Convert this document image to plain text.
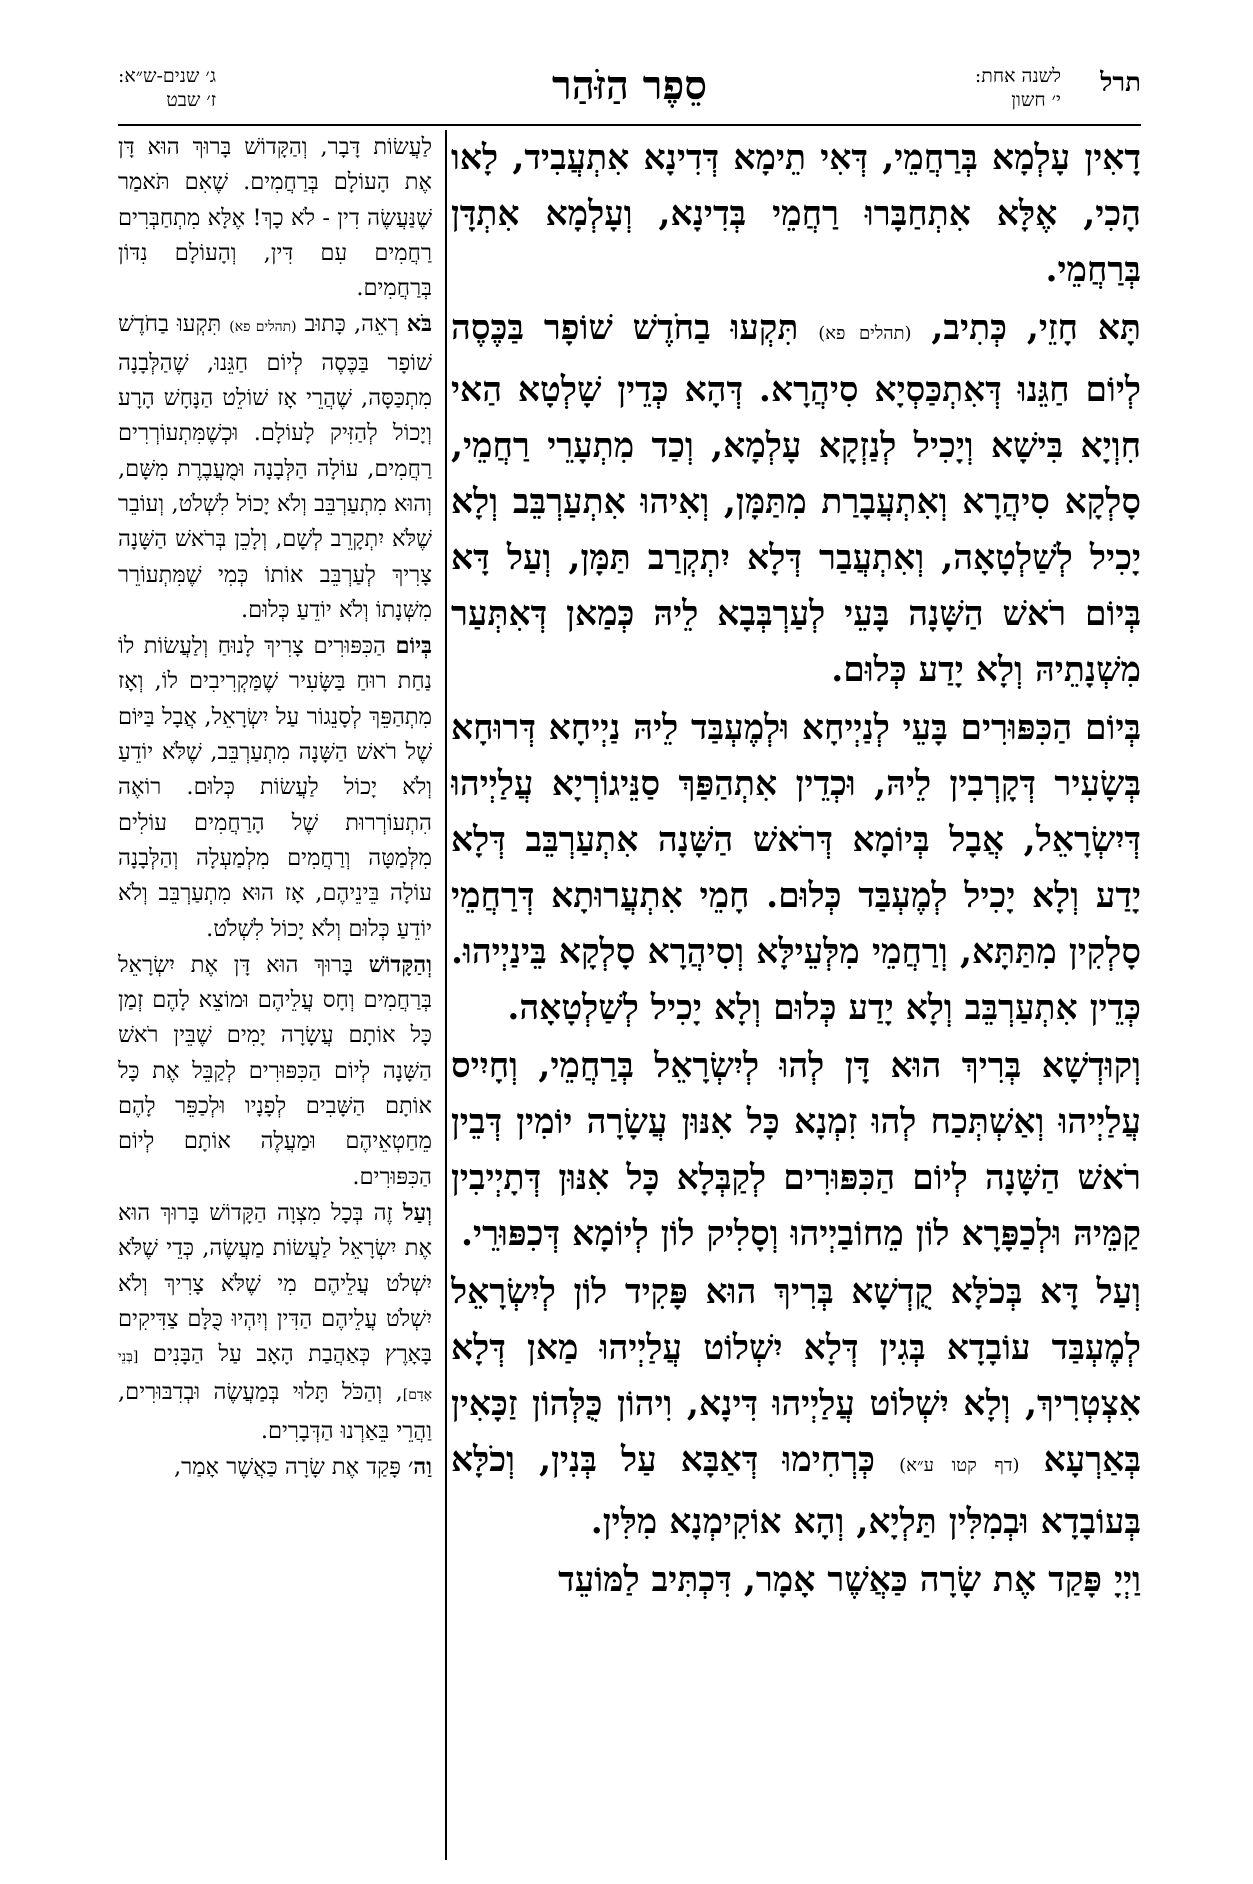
תרל
לשנה אחת:
י׳ חשון
סֵפֶר הַזֹּהַר
ג׳ שנים-ש״א:
ז׳ שבט

דָאִין עָלְמָא בְּרַחֲמֵי, דְּאִי תֵימָא דְּדִינָא אִתְעֲבִיד, לָאו הָכִי, אֶלָּא אִתְחַבָּרוּ רַחֲמֵי בְּדִינָא, וְעָלְמָא אִתְדָּן בְּרַחֲמֵי.

תָּא חָזֵי, כְּתִיב, (תהלים פא) תִּקְעוּ בַחֹדֶשׁ שׁוֹפָר בַּכֶּסֶה לְיוֹם חַגֵּנוּ דְּאִתְכַּסְיָא סִיהֲרָא. דְּהָא כְּדֵין שָׁלְטָא הַאי חִוְיָא בִּישָׁא וְיָכִיל לְנַזְקָא עָלְמָא, וְכַד מִתְעָרֵי רַחֲמֵי, סָלְקָא סִיהֲרָא וְאִתְעֲבָרַת מִתַּמָּן, וְאִיהוּ אִתְעַרְבֵּב וְלָא יָכִיל לְשַׁלְטָאָה, וְאִתְעֲבַר דְּלָא יִתְקְרַב תַּמָּן, וְעַל דָּא בְּיוֹם רֹאשׁ הַשָּׁנָה בָּעֵי לְעַרְבְּבָא לֵיהּ כְּמַאן דְּאִתְּעַר מִשְׁנָתֵיהּ וְלָא יָדַע כְּלוּם.

בְּיוֹם הַכִּפּוּרִים בָּעֵי לְנַיְיחָא וּלְמֶעְבַּד לֵיהּ נַיְיחָא דְּרוּחָא בְּשָׂעִיר דְּקָרְבִין לֵיהּ, וּכְדֵין אִתְהַפַּךְ סַנֵּיגוֹרְיָא עֲלַיְיהוּ דְּיִשְׂרָאֵל, אֲבָל בְּיוֹמָא דְּרֹאשׁ הַשָּׁנָה אִתְעַרְבֵּב דְּלָא יָדַע וְלָא יָכִיל לְמֶעְבַּד כְּלוּם. חָמֵי אִתְעֲרוּתָא דְּרַחֲמֵי סָלְקִין מִתַּתָּא, וְרַחֲמֵי מִלְּעֵילָּא וְסִיהֲרָא סָלְקָא בֵּינַיְיהוּ. כְּדֵין אִתְעַרְבֵּב וְלָא יָדַע כְּלוּם וְלָא יָכִיל לְשַׁלְטָאָה.

וְקוּדְשָׁא בְּרִיךְ הוּא דָּן לְהוּ לְיִשְׂרָאֵל בְּרַחֲמֵי, וְחָיִיס עֲלַיְיהוּ וְאַשְׁתְּכַח לְהוּ זִמְנָא כָּל אִנּוּן עֲשָׂרָה יוֹמִין דְּבֵין רֹאשׁ הַשָּׁנָה לְיוֹם הַכִּפּוּרִים לְקַבְּלָא כָּל אִנּוּן דְּתָיְיבִין קַמֵּיהּ וּלְכַפָּרָא לוֹן מֵחוֹבַיְיהוּ וְסָלִיק לוֹן לְיוֹמָא דְּכִפּוּרֵי.

וְעַל דָּא בְּכֹלָּא קֻדְשָׁא בְּרִיךְ הוּא פָּקִיד לוֹן לְיִשְׂרָאֵל לְמֶעְבַּד עוֹבָדָא בְּגִין דְּלָא יִשְׁלוֹט עֲלַיְיהוּ מַאן דְּלָא אִצְטְרִיךְ, וְלָא יִשְׁלוֹט עֲלַיְיהוּ דִּינָא, וִיהוֹן כֻּלְּהוֹן זַכָּאִין בְּאַרְעָא (דף קטו ע״א) כְּרְחִימוּ דְּאַבָּא עַל בְּנִין, וְכֹלָּא בְּעוֹבָדָא וּבְמִלִּין תַּלְיָא, וְהָא אוֹקִימְנָא מִלִּין.

וַיְיָ פָּקַד אֶת שָׂרָה כַּאֲשֶׁר אָמָר, דִּכְתִּיב לַמּוֹעֵד

לַעֲשׂוֹת דָּבָר, וְהַקָּדוֹשׁ בָּרוּךְ הוּא דָּן אֶת הָעוֹלָם בְּרַחֲמִים. שֶׁאִם תֹּאמַר שֶׁנַּעֲשֶׂה דִין - לֹא כָךְ! אֶלָּא מִתְחַבְּרִים רַחֲמִים עִם דִּין, וְהָעוֹלָם נִדּוֹן בְּרַחֲמִים.

בֹּא רְאֵה, כָּתוּב (תהלים פא) תִּקְעוּ בַחֹדֶשׁ שׁוֹפָר בַּכֶּסֶה לְיוֹם חַגֵּנוּ, שֶׁהַלְּבָנָה מִתְכַּסָּה, שֶׁהֲרֵי אָז שׁוֹלֵט הַנָּחָשׁ הָרָע וְיָכוֹל לְהַזִּיק לָעוֹלָם. וּכְשֶׁמִּתְעוֹרְרִים רַחֲמִים, עוֹלָה הַלְּבָנָה וּמֻעֲבֶרֶת מִשָּׁם, וְהוּא מִתְעַרְבֵּב וְלֹא יָכוֹל לִשְׁלֹט, וְעוֹבֵר שֶׁלֹּא יִתְקָרֵב לְשָׁם, וְלָכֵן בְּרֹאשׁ הַשָּׁנָה צָרִיךְ לְעַרְבֵּב אוֹתוֹ כְּמִי שֶׁמִּתְעוֹרֵר מִשְּׁנָתוֹ וְלֹא יוֹדֵעַ כְּלוּם.

בְּיוֹם הַכִּפּוּרִים צָרִיךְ לָנוּחַ וְלַעֲשׂוֹת לוֹ נַחַת רוּחַ בַּשָּׂעִיר שֶׁמַּקְרִיבִים לוֹ, וְאָז מִתְהַפֵּךְ לְסָנֵגוֹר עַל יִשְׂרָאֵל, אֲבָל בַּיּוֹם שֶׁל רֹאשׁ הַשָּׁנָה מִתְעַרְבֵּב, שֶׁלֹּא יוֹדֵעַ וְלֹא יָכוֹל לַעֲשׂוֹת כְּלוּם. רוֹאֶה הִתְעוֹרְרוּת שֶׁל הָרַחֲמִים עוֹלִים מִלְּמַטָּה וְרַחֲמִים מִלְמַעְלָה וְהַלְּבָנָה עוֹלָה בֵּינֵיהֶם, אָז הוּא מִתְעַרְבֵּב וְלֹא יוֹדֵעַ כְּלוּם וְלֹא יָכוֹל לִשְׁלֹט.

וְהַקָּדוֹשׁ בָּרוּךְ הוּא דָּן אֶת יִשְׂרָאֵל בְּרַחֲמִים וְחָס עֲלֵיהֶם וּמוֹצֵא לָהֶם זְמַן כָּל אוֹתָם עֲשָׂרָה יָמִים שֶׁבֵּין רֹאשׁ הַשָּׁנָה לְיוֹם הַכִּפּוּרִים לְקַבֵּל אֶת כָּל אוֹתָם הַשָּׁבִים לְפָנָיו וּלְכַפֵּר לָהֶם מֵחַטְאֵיהֶם וּמַעֲלֶה אוֹתָם לְיוֹם הַכִּפּוּרִים.

וְעַל זֶה בְּכָל מִצְוָה הַקָּדוֹשׁ בָּרוּךְ הוּא אֶת יִשְׂרָאֵל לַעֲשׂוֹת מַעֲשֶׂה, כְּדֵי שֶׁלֹּא יִשְׁלֹט עֲלֵיהֶם מִי שֶׁלֹּא צָרִיךְ וְלֹא יִשְׁלֹט עֲלֵיהֶם הַדִּין וְיִהְיוּ כֻּלָּם צַדִּיקִים בָּאָרֶץ כְּאַהֲבַת הָאָב עַל הַבָּנִים [בְּנֵי אָדָם], וְהַכֹּל תָּלוּי בְּמַעֲשֶׂה וּבְדִבּוּרִים, וַהֲרֵי בֵּאַרְנוּ הַדְּבָרִים.

וַה׳ פָּקַד אֶת שָׂרָה כַּאֲשֶׁר אָמַר,
